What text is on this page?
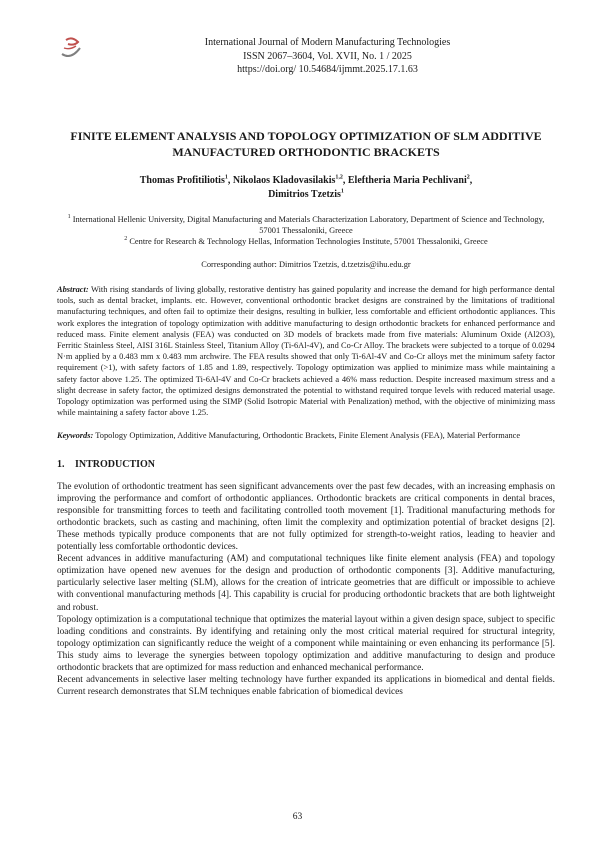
International Journal of Modern Manufacturing Technologies
ISSN 2067–3604, Vol. XVII, No. 1 / 2025
https://doi.org/ 10.54684/ijmmt.2025.17.1.63
FINITE ELEMENT ANALYSIS AND TOPOLOGY OPTIMIZATION OF SLM ADDITIVE MANUFACTURED ORTHODONTIC BRACKETS
Thomas Profitiliotis$^1$, Nikolaos Kladovasilakis$^{1,2}$, Eleftheria Maria Pechlivani$^2$,
Dimitrios Tzetzis$^1$

$^1$ International Hellenic University, Digital Manufacturing and Materials Characterization Laboratory, Department of Science and Technology, 57001 Thessaloniki, Greece

$^2$ Centre for Research & Technology Hellas, Information Technologies Institute, 57001 Thessaloniki, Greece

Corresponding author: Dimitrios Tzetzis, d.tzetzis@ihu.edu.gr
Abstract: With rising standards of living globally, restorative dentistry has gained popularity and increase the demand for high performance dental tools, such as dental bracket, implants. etc. However, conventional orthodontic bracket designs are constrained by the limitations of traditional manufacturing techniques, and often fail to optimize their designs, resulting in bulkier, less comfortable and efficient orthodontic appliances. This work explores the integration of topology optimization with additive manufacturing to design orthodontic brackets for enhanced performance and reduced mass. Finite element analysis (FEA) was conducted on 3D models of brackets made from five materials: Aluminum Oxide (Al2O3), Ferritic Stainless Steel, AISI 316L Stainless Steel, Titanium Alloy (Ti-6Al-4V), and Co-Cr Alloy. The brackets were subjected to a torque of 0.0294 N·m applied by a 0.483 mm x 0.483 mm archwire. The FEA results showed that only Ti-6Al-4V and Co-Cr alloys met the minimum safety factor requirement (>1), with safety factors of 1.85 and 1.89, respectively. Topology optimization was applied to minimize mass while maintaining a safety factor above 1.25. The optimized Ti-6Al-4V and Co-Cr brackets achieved a 46% mass reduction. Despite increased maximum stress and a slight decrease in safety factor, the optimized designs demonstrated the potential to withstand required torque levels with reduced material usage. Topology optimization was performed using the SIMP (Solid Isotropic Material with Penalization) method, with the objective of minimizing mass while maintaining a safety factor above 1.25.
Keywords: Topology Optimization, Additive Manufacturing, Orthodontic Brackets, Finite Element Analysis (FEA), Material Performance
1. INTRODUCTION

The evolution of orthodontic treatment has seen significant advancements over the past few decades, with an increasing emphasis on improving the performance and comfort of orthodontic appliances. Orthodontic brackets are critical components in dental braces, responsible for transmitting forces to teeth and facilitating controlled tooth movement [1]. Traditional manufacturing methods for orthodontic brackets, such as casting and machining, often limit the complexity and optimization potential of bracket designs [2]. These methods typically produce components that are not fully optimized for strength-to-weight ratios, leading to heavier and potentially less comfortable orthodontic devices.

Recent advances in additive manufacturing (AM) and computational techniques like finite element analysis (FEA) and topology optimization have opened new avenues for the design and production of orthodontic components [3]. Additive manufacturing, particularly selective laser melting (SLM), allows for the creation of intricate geometries that are difficult or impossible to achieve with conventional manufacturing methods [4]. This capability is crucial for producing orthodontic brackets that are both lightweight and robust.

Topology optimization is a computational technique that optimizes the material layout within a given design space, subject to specific loading conditions and constraints. By identifying and retaining only the most critical material required for structural integrity, topology optimization can significantly reduce the weight of a component while maintaining or even enhancing its performance [5]. This study aims to leverage the synergies between topology optimization and additive manufacturing to design and produce orthodontic brackets that are optimized for mass reduction and enhanced mechanical performance.

Recent advancements in selective laser melting technology have further expanded its applications in biomedical and dental fields. Current research demonstrates that SLM techniques enable fabrication of biomedical devices

63
